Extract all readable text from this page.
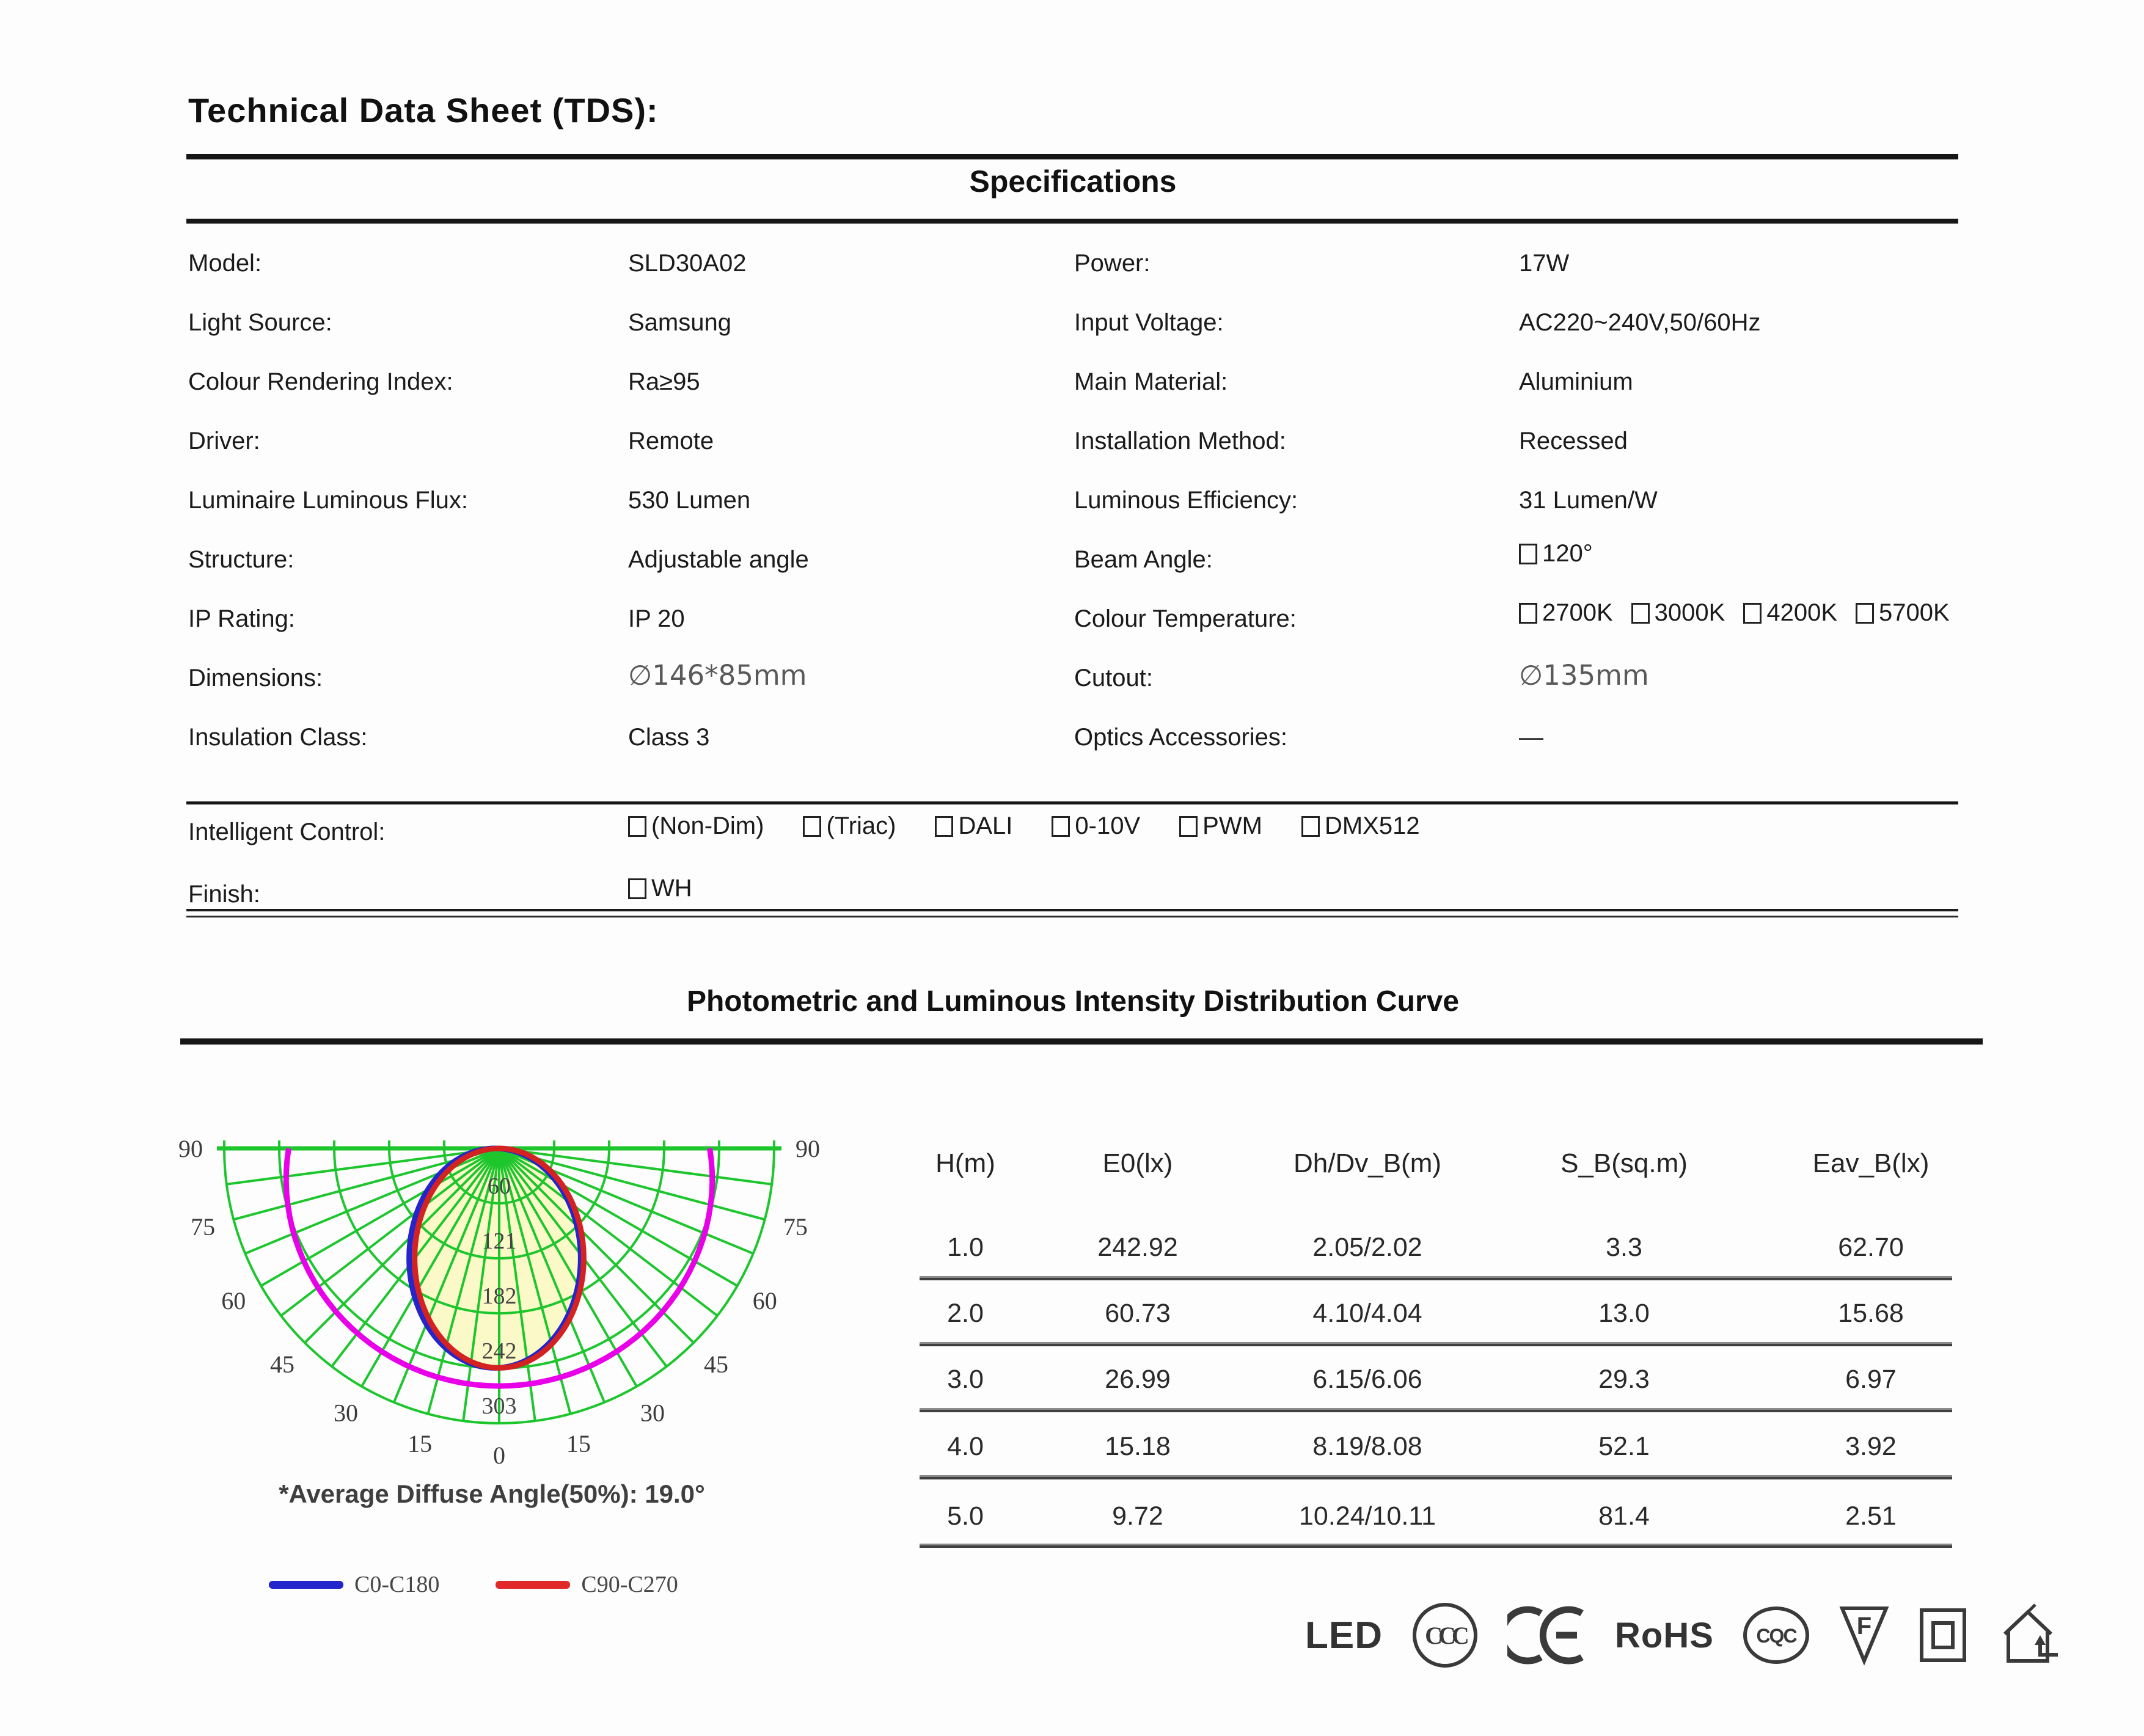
Technical Data Sheet (TDS):
Specifications
Model:	SLD30A02
Light Source:	Samsung
Colour Rendering Index:	Ra≥95
Driver:	Remote
Luminaire Luminous Flux:	530 Lumen
Structure:	Adjustable angle
IP Rating:	IP 20
Dimensions:	∅146*85mm
Insulation Class:	Class 3
Power:	17W
Input Voltage:	AC220~240V,50/60Hz
Main Material:	Aluminium
Installation Method:	Recessed
Luminous Efficiency:	31 Lumen/W
Beam Angle:	120°
Colour Temperature:	2700K 3000K 4200K 5700K
Cutout:	∅135mm
Optics Accessories:	—
Intelligent Control:	(Non-Dim)	(Triac)	DALI	0-10V	PWM	DMX512
Finish:	WH
Photometric and Luminous Intensity Distribution Curve
15	15
30	30
45	45
60	60
75	75
0
90	90
60
121
182
242
303
*Average Diffuse Angle(50%): 19.0°
C0-C180	C90-C270
H(m)	E0(lx)	Dh/Dv_B(m)	S_B(sq.m)	Eav_B(lx)
1.0	242.92	2.05/2.02	3.3	62.70
2.0	60.73	4.10/4.04	13.0	15.68
3.0	26.99	6.15/6.06	29.3	6.97
4.0	15.18	8.19/8.08	52.1	3.92
5.0	9.72	10.24/10.11	81.4	2.51
LED CCC	RoHS CQC F
